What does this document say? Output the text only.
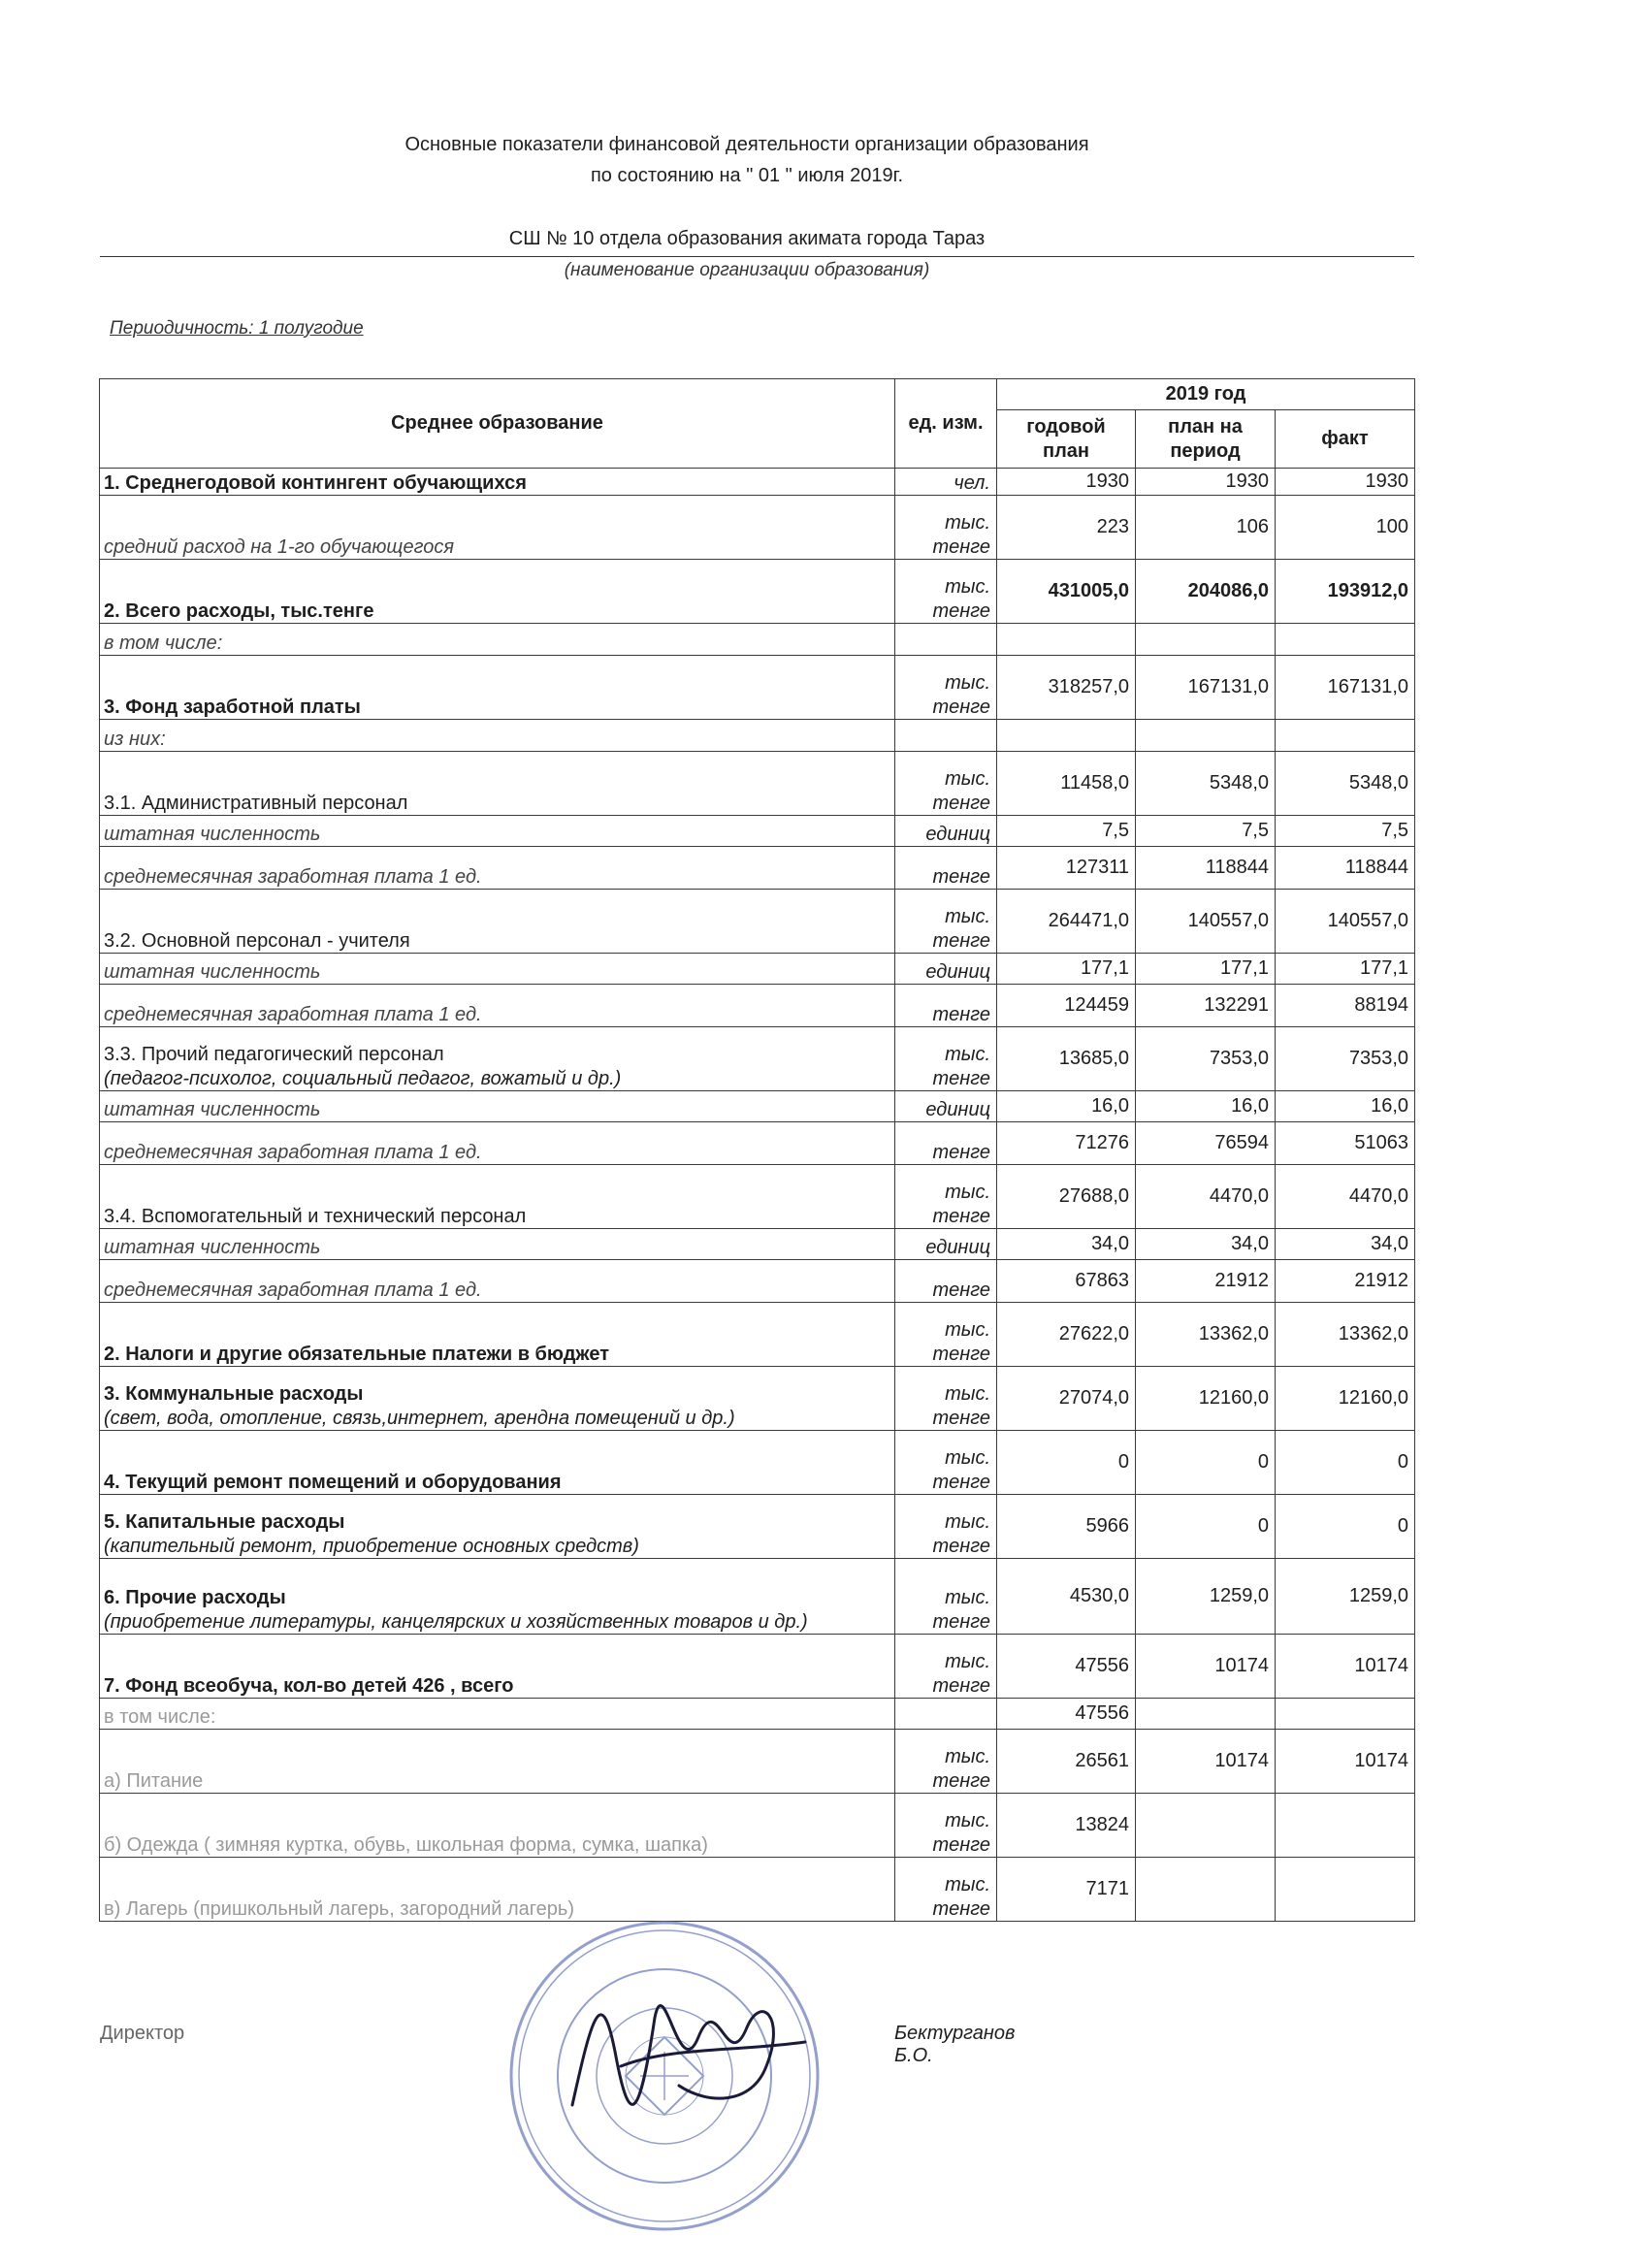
Основные показатели финансовой деятельности организации образования
по состоянию на " 01 " июля 2019г.
СШ № 10 отдела образования акимата города Тараз
(наименование организации образования)
Периодичность: 1 полугодие
Среднее образование	ед. изм.	2019 год		
		годовой план	план на период	факт
1. Среднегодовой контингент обучающихся	чел.	1930	1930	1930
средний расход на 1-го обучающегося	тыс. тенге	223	106	100
2. Всего расходы, тыс.тенге	тыс. тенге	431005,0	204086,0	193912,0
в том числе:				
3. Фонд заработной платы	тыс. тенге	318257,0	167131,0	167131,0
из них:				
3.1. Административный персонал	тыс. тенге	11458,0	5348,0	5348,0
штатная численность	единиц	7,5	7,5	7,5
среднемесячная заработная плата 1 ед.	тенге	127311	118844	118844
3.2. Основной персонал - учителя	тыс. тенге	264471,0	140557,0	140557,0
штатная численность	единиц	177,1	177,1	177,1
среднемесячная заработная плата 1 ед.	тенге	124459	132291	88194
3.3. Прочий педагогический персонал
(педагог-психолог, социальный педагог, вожатый и др.)	тыс. тенге	13685,0	7353,0	7353,0
штатная численность	единиц	16,0	16,0	16,0
среднемесячная заработная плата 1 ед.	тенге	71276	76594	51063
3.4. Вспомогательный и технический персонал	тыс. тенге	27688,0	4470,0	4470,0
штатная численность	единиц	34,0	34,0	34,0
среднемесячная заработная плата 1 ед.	тенге	67863	21912	21912
2. Налоги и другие обязательные платежи в бюджет	тыс. тенге	27622,0	13362,0	13362,0
3. Коммунальные расходы
(свет, вода, отопление, связь,интернет, арендна помещений и др.)	тыс. тенге	27074,0	12160,0	12160,0
4. Текущий ремонт помещений и оборудования	тыс. тенге	0	0	0
5. Капитальные расходы
(капительный ремонт, приобретение основных средств)	тыс. тенге	5966	0	0
6. Прочие расходы
(приобретение литературы, канцелярских и хозяйственных товаров и др.)	тыс. тенге	4530,0	1259,0	1259,0
7. Фонд всеобуча, кол-во детей 426 , всего	тыс. тенге	47556	10174	10174
в том числе:		47556		
а) Питание	тыс. тенге	26561	10174	10174
б) Одежда ( зимняя куртка, обувь, школьная форма, сумка, шапка)	тыс. тенге	13824		
в) Лагерь (пришкольный лагерь, загородний лагерь)	тыс. тенге	7171		
Директор	Бектурганов Б.О.
